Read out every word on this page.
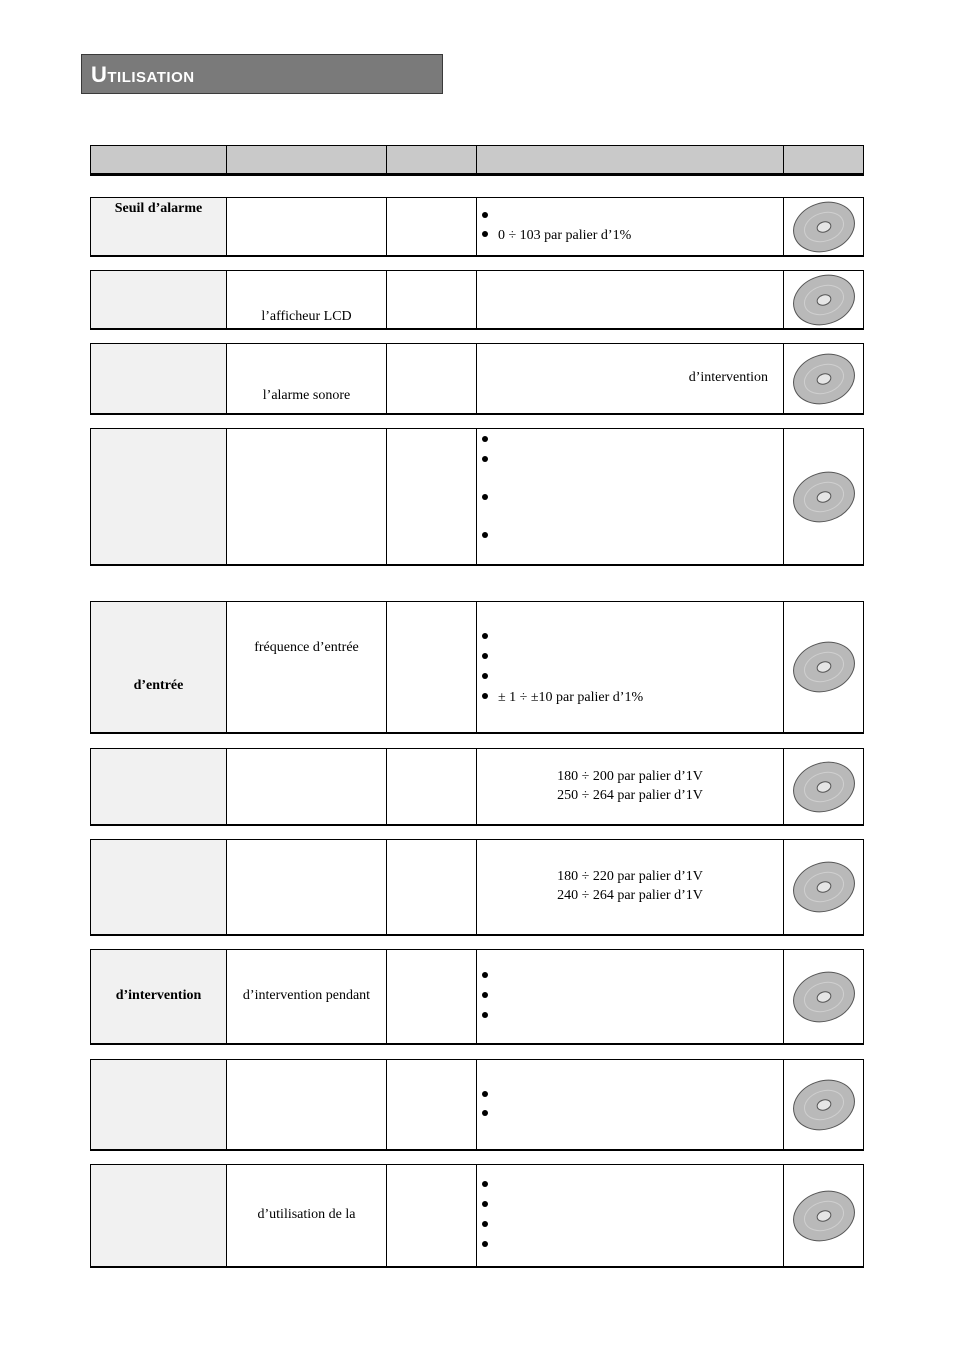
Utilisation
Seuil d’alarme
0 ÷ 103 par palier d’1%
l’afficheur LCD
l’alarme sonore
d’intervention
d’entrée
fréquence d’entrée
± 1 ÷ ±10 par palier d’1%
180 ÷ 200 par palier d’1V
250 ÷ 264 par palier d’1V
180 ÷ 220 par palier d’1V
240 ÷ 264 par palier d’1V
d’intervention	d’intervention pendant
d’utilisation de la
